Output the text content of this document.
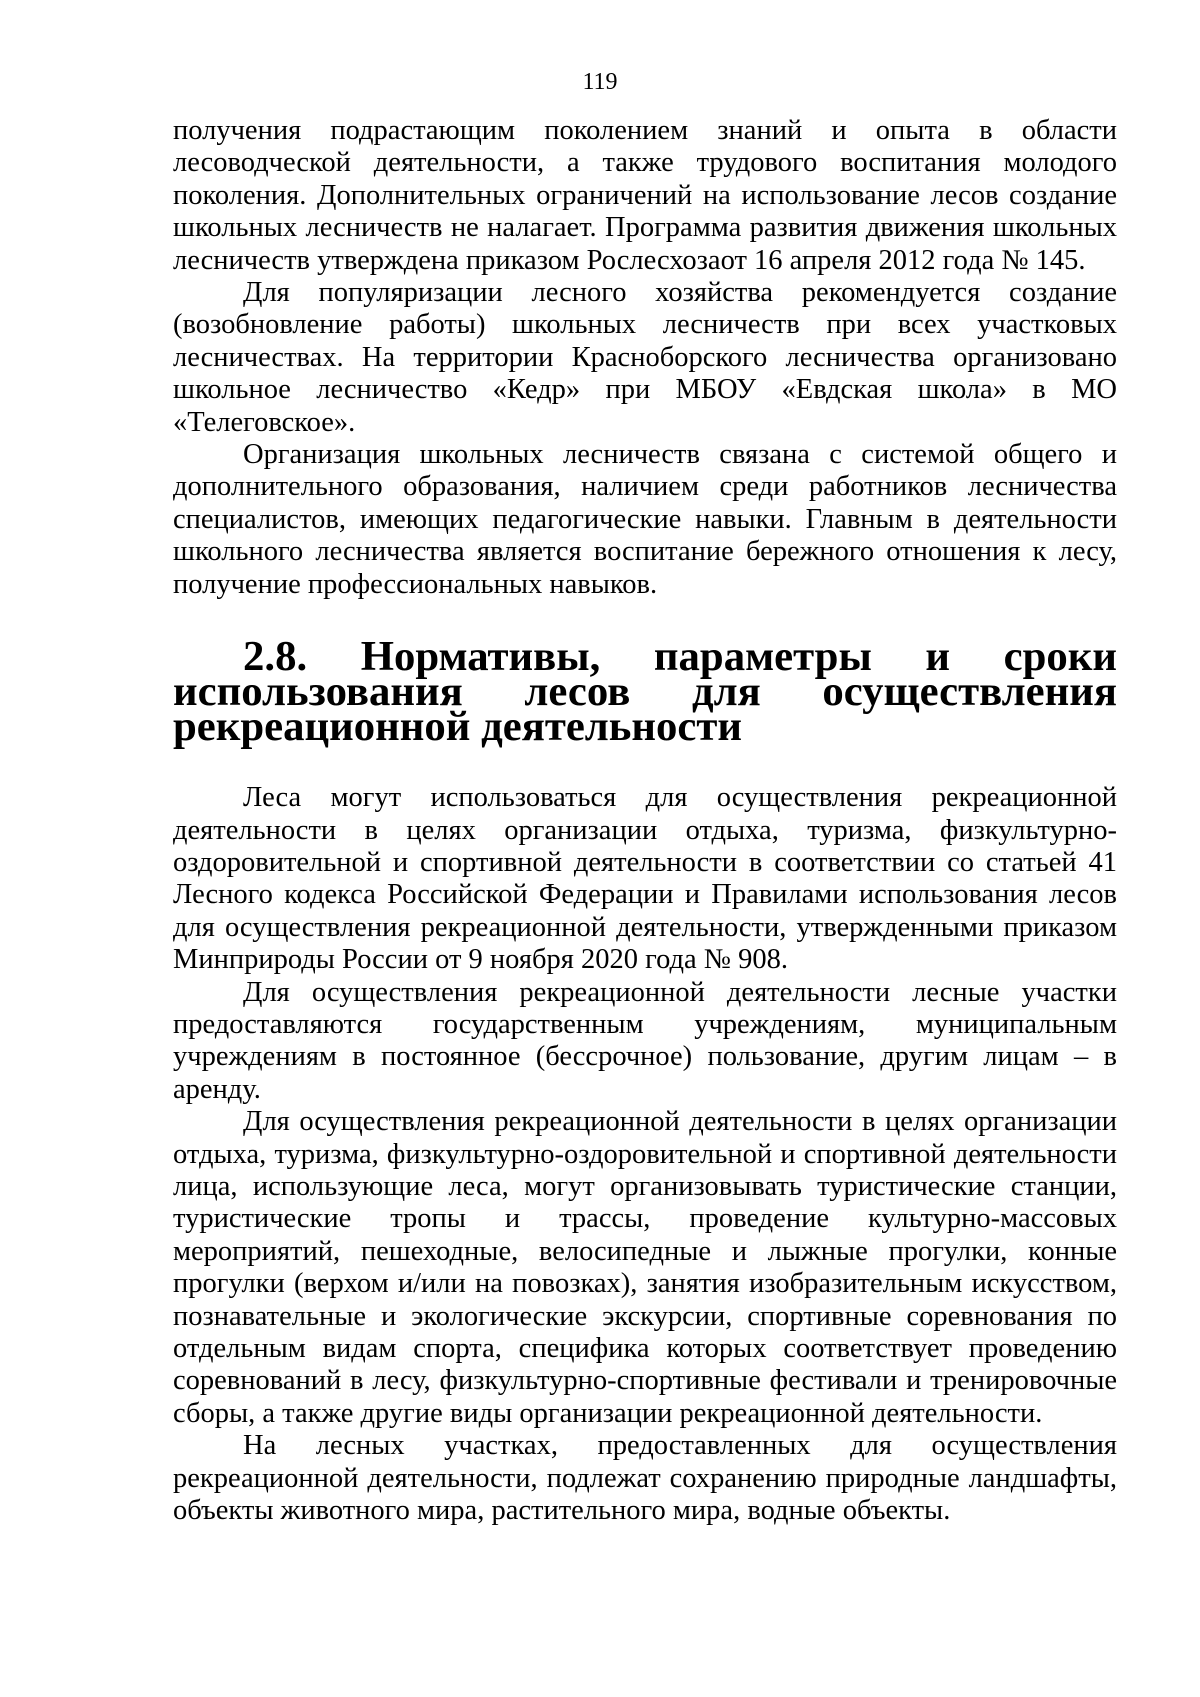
119

получения подрастающим поколением знаний и опыта в области лесоводческой деятельности, а также трудового воспитания молодого поколения. Дополнительных ограничений на использование лесов создание школьных лесничеств не налагает. Программа развития движения школьных лесничеств утверждена приказом Рослесхозаот 16 апреля 2012 года № 145.

Для популяризации лесного хозяйства рекомендуется создание (возобновление работы) школьных лесничеств при всех участковых лесничествах. На территории Красноборского лесничества организовано школьное лесничество «Кедр» при МБОУ «Евдская школа» в МО «Телеговское».

Организация школьных лесничеств связана с системой общего и дополнительного образования, наличием среди работников лесничества специалистов, имеющих педагогические навыки. Главным в деятельности школьного лесничества является воспитание бережного отношения к лесу, получение профессиональных навыков.

2.8. Нормативы, параметры и сроки использования лесов для осуществления рекреационной деятельности

Леса могут использоваться для осуществления рекреационной деятельности в целях организации отдыха, туризма, физкультурно-оздоровительной и спортивной деятельности в соответствии со статьей 41 Лесного кодекса Российской Федерации и Правилами использования лесов для осуществления рекреационной деятельности, утвержденными приказом Минприроды России от 9 ноября 2020 года № 908.

Для осуществления рекреационной деятельности лесные участки предоставляются государственным учреждениям, муниципальным учреждениям в постоянное (бессрочное) пользование, другим лицам – в аренду.

Для осуществления рекреационной деятельности в целях организации отдыха, туризма, физкультурно-оздоровительной и спортивной деятельности лица, использующие леса, могут организовывать туристические станции, туристические тропы и трассы, проведение культурно-массовых мероприятий, пешеходные, велосипедные и лыжные прогулки, конные прогулки (верхом и/или на повозках), занятия изобразительным искусством, познавательные и экологические экскурсии, спортивные соревнования по отдельным видам спорта, специфика которых соответствует проведению соревнований в лесу, физкультурно-спортивные фестивали и тренировочные сборы, а также другие виды организации рекреационной деятельности.

На лесных участках, предоставленных для осуществления рекреационной деятельности, подлежат сохранению природные ландшафты, объекты животного мира, растительного мира, водные объекты.
